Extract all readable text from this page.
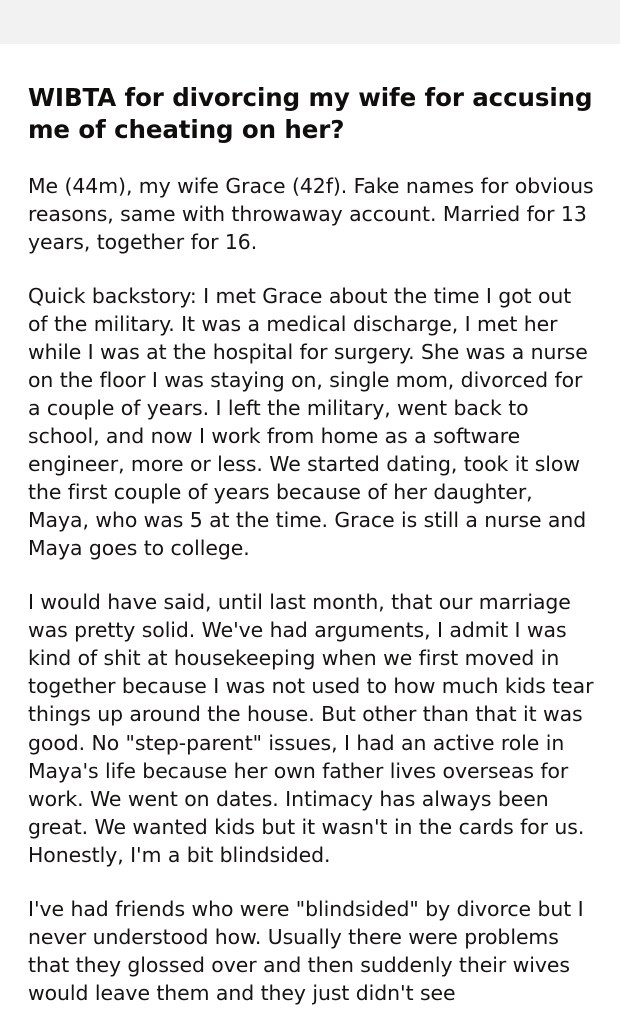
WIBTA for divorcing my wife for accusing me of cheating on her?

Me (44m), my wife Grace (42f). Fake names for obvious reasons, same with throwaway account. Married for 13 years, together for 16.

Quick backstory: I met Grace about the time I got out of the military. It was a medical discharge, I met her while I was at the hospital for surgery. She was a nurse on the floor I was staying on, single mom, divorced for a couple of years. I left the military, went back to school, and now I work from home as a software engineer, more or less. We started dating, took it slow the first couple of years because of her daughter, Maya, who was 5 at the time. Grace is still a nurse and Maya goes to college.

I would have said, until last month, that our marriage was pretty solid. We've had arguments, I admit I was kind of shit at housekeeping when we first moved in together because I was not used to how much kids tear things up around the house. But other than that it was good. No "step-parent" issues, I had an active role in Maya's life because her own father lives overseas for work. We went on dates. Intimacy has always been great. We wanted kids but it wasn't in the cards for us. Honestly, I'm a bit blindsided.

I've had friends who were "blindsided" by divorce but I never understood how. Usually there were problems that they glossed over and then suddenly their wives would leave them and they just didn't see
